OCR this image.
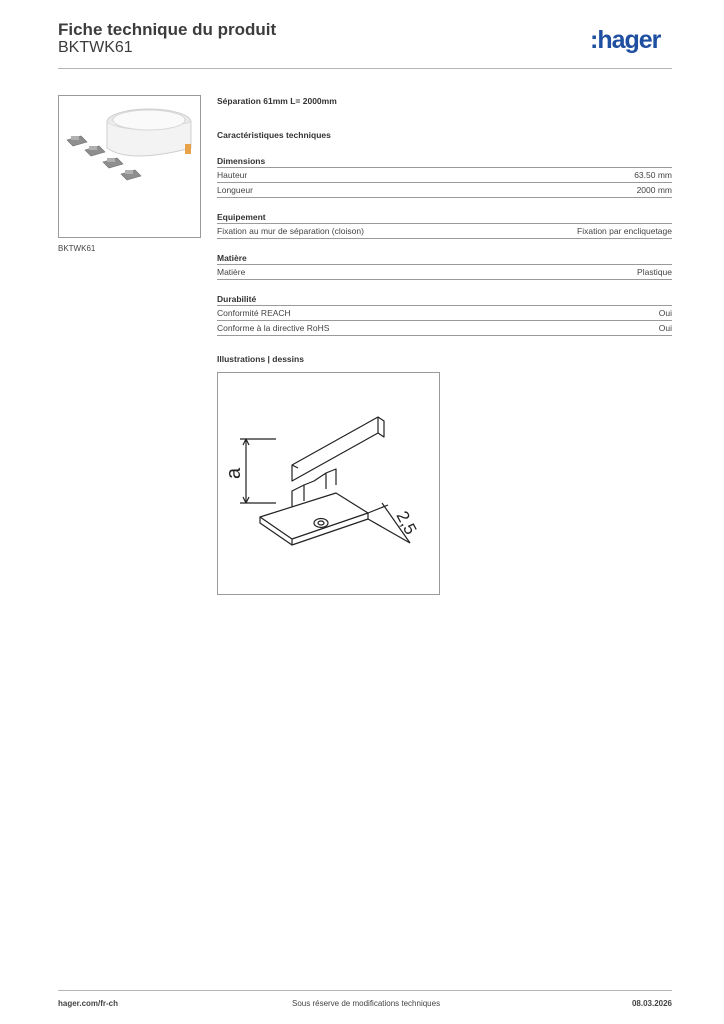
Fiche technique du produit
BKTWK61	:hager
BKTWK61
Séparation 61mm L= 2000mm
Caractéristiques techniques
Dimensions
Hauteur	63.50 mm
Longueur	2000 mm
Equipement
Fixation au mur de séparation (cloison)	Fixation par encliquetage
Matière
Matière	Plastique
Durabilité
Conformité REACH	Oui
Conforme à la directive RoHS	Oui
Illustrations | dessins
a
2,5
hager.com/fr-ch	Sous réserve de modifications techniques	08.03.2026
